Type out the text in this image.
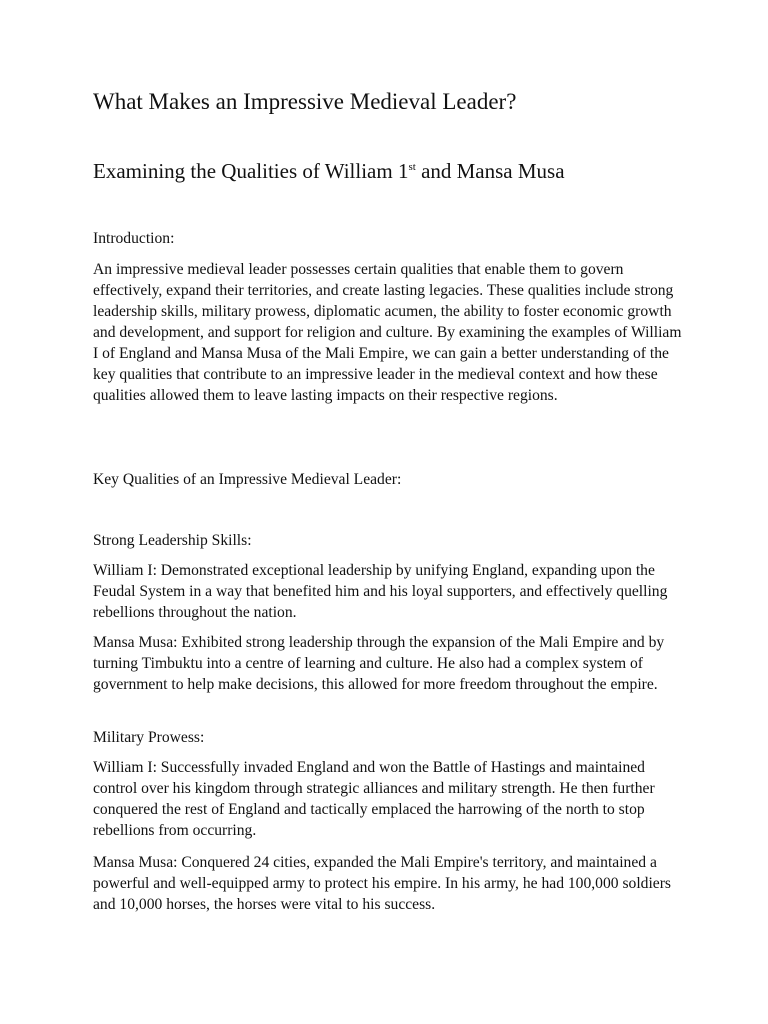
What Makes an Impressive Medieval Leader?
Examining the Qualities of William 1st and Mansa Musa

Introduction:

An impressive medieval leader possesses certain qualities that enable them to govern effectively, expand their territories, and create lasting legacies. These qualities include strong leadership skills, military prowess, diplomatic acumen, the ability to foster economic growth and development, and support for religion and culture. By examining the examples of William I of England and Mansa Musa of the Mali Empire, we can gain a better understanding of the key qualities that contribute to an impressive leader in the medieval context and how these qualities allowed them to leave lasting impacts on their respective regions.

Key Qualities of an Impressive Medieval Leader:

Strong Leadership Skills:

William I: Demonstrated exceptional leadership by unifying England, expanding upon the Feudal System in a way that benefited him and his loyal supporters, and effectively quelling rebellions throughout the nation.

Mansa Musa: Exhibited strong leadership through the expansion of the Mali Empire and by turning Timbuktu into a centre of learning and culture. He also had a complex system of government to help make decisions, this allowed for more freedom throughout the empire.

Military Prowess:

William I: Successfully invaded England and won the Battle of Hastings and maintained control over his kingdom through strategic alliances and military strength. He then further conquered the rest of England and tactically emplaced the harrowing of the north to stop rebellions from occurring.

Mansa Musa: Conquered 24 cities, expanded the Mali Empire's territory, and maintained a powerful and well-equipped army to protect his empire. In his army, he had 100,000 soldiers and 10,000 horses, the horses were vital to his success.
